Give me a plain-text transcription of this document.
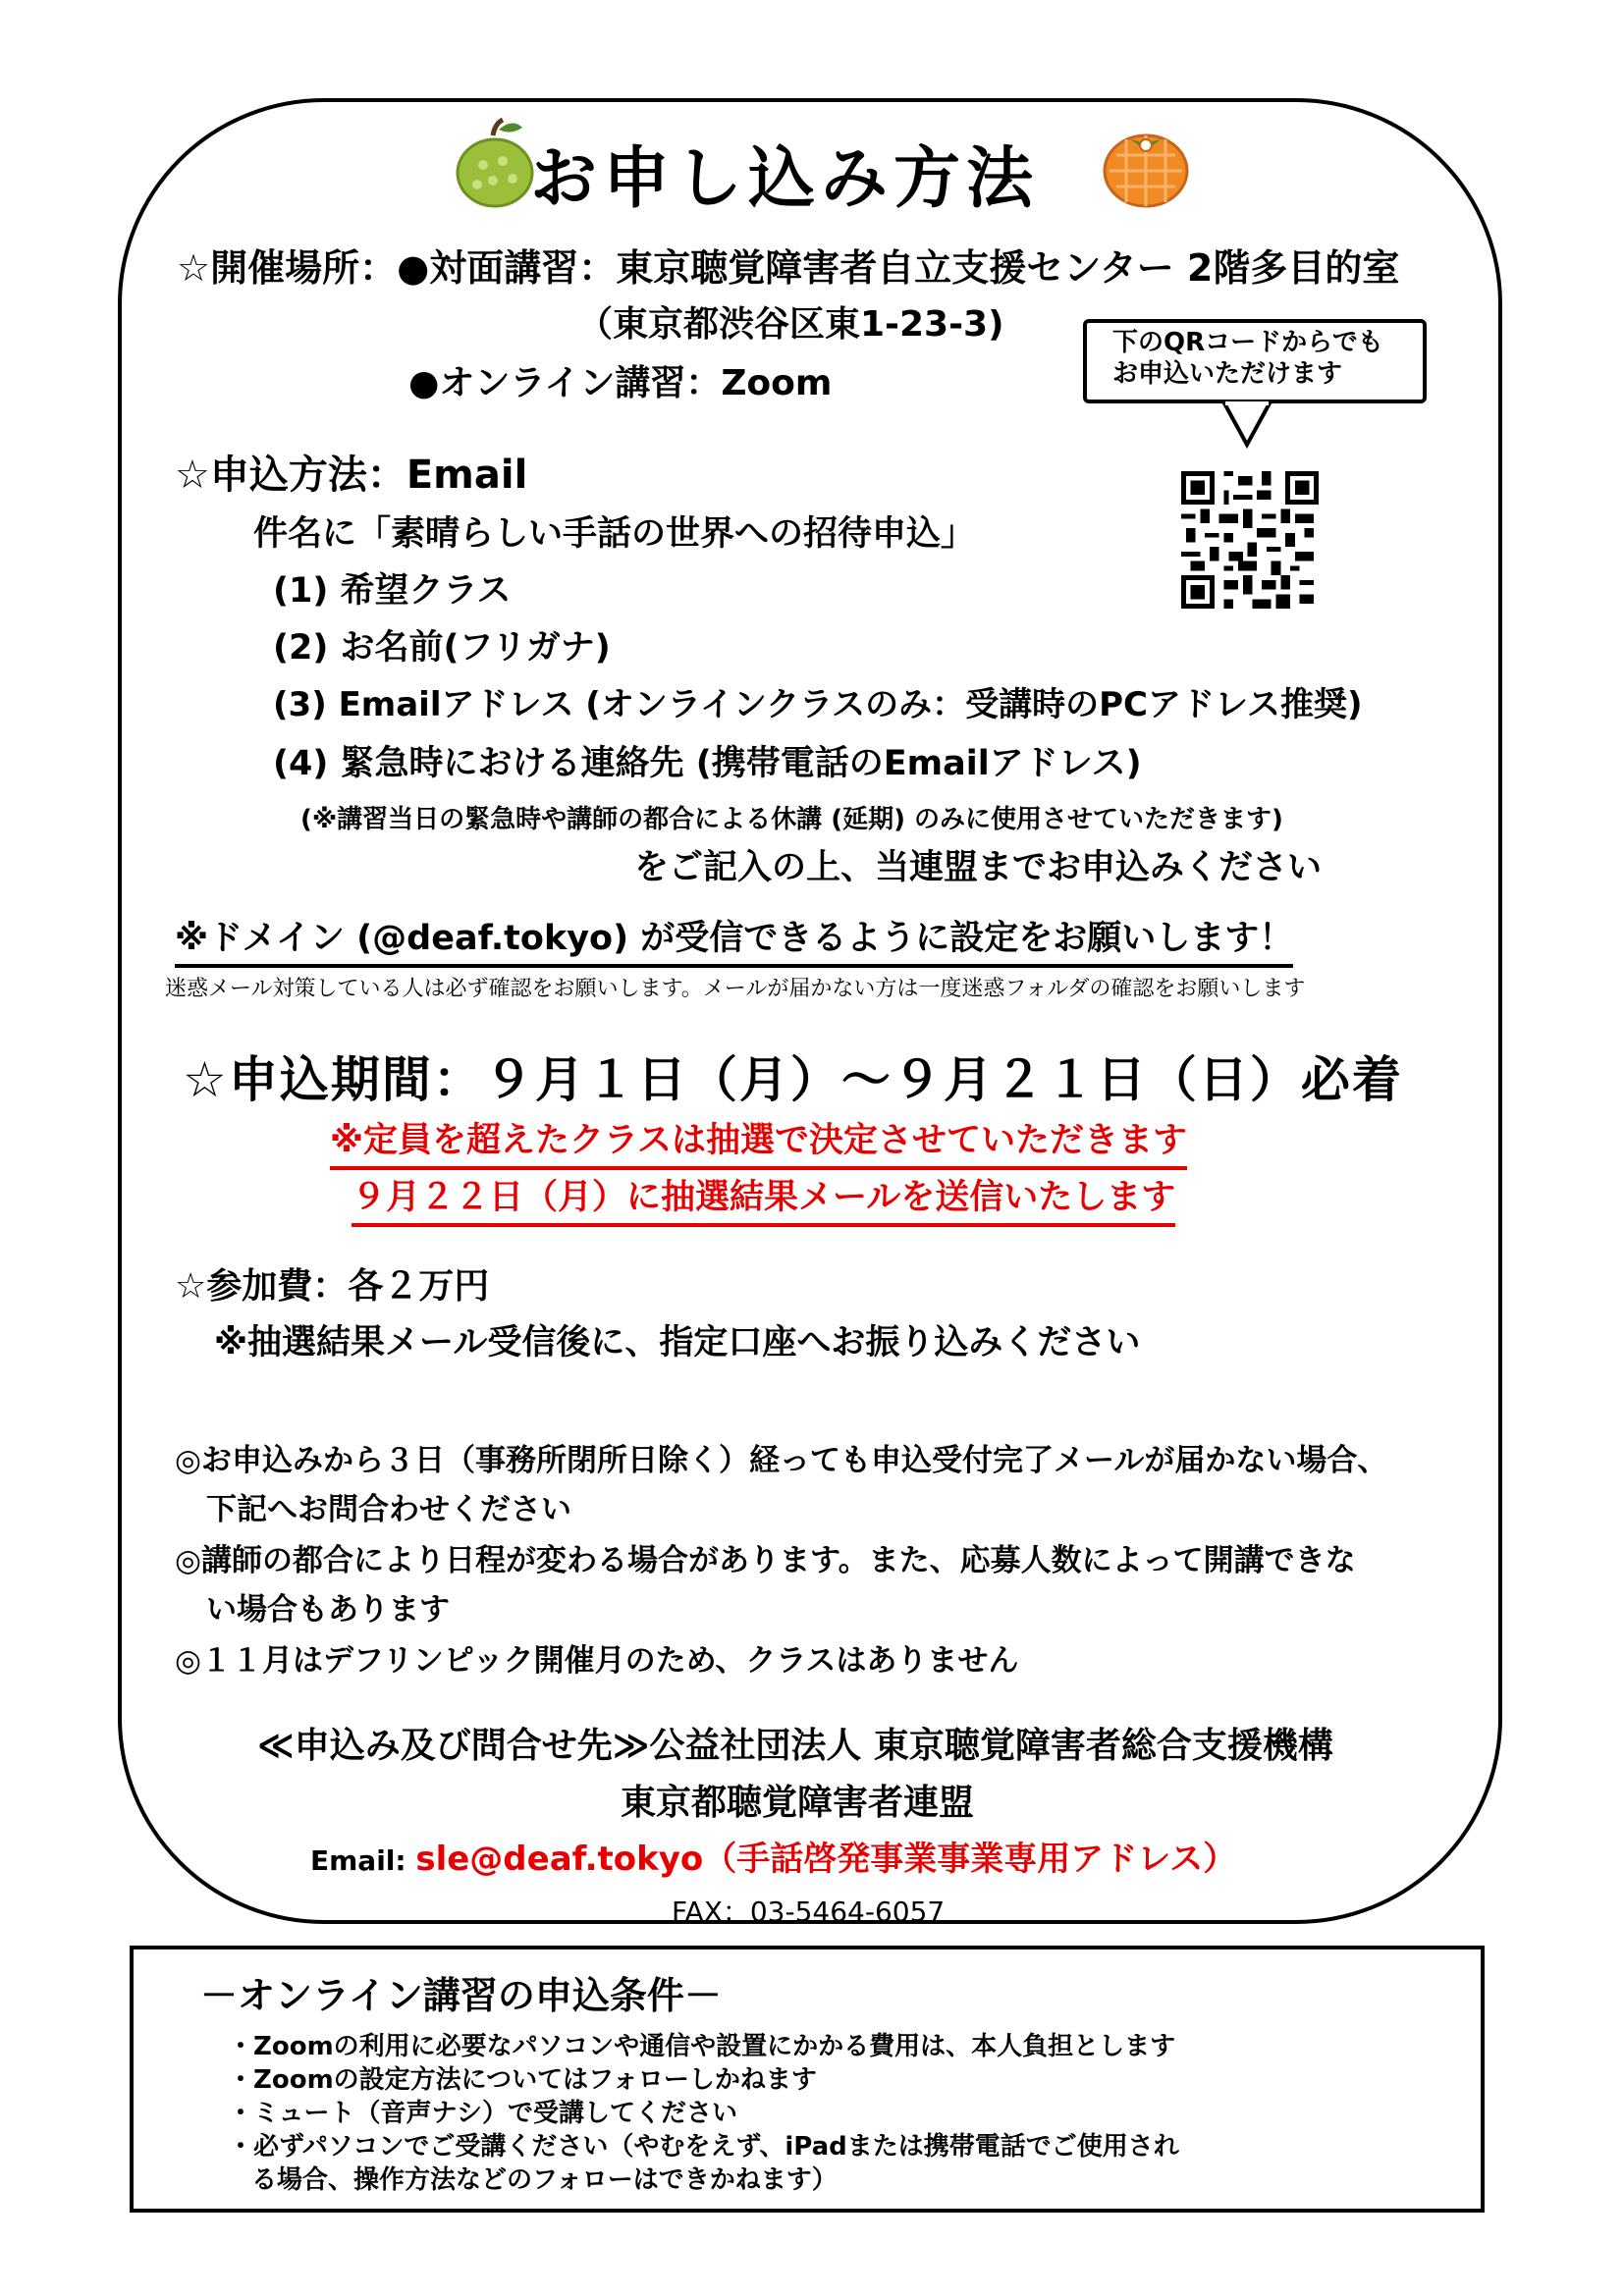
お申し込み方法
☆開催場所：●対面講習：東京聴覚障害者自立支援センター 2階多目的室
（東京都渋谷区東1-23-3)
●オンライン講習：Zoom
下のQRコードからでも
お申込いただけます
☆申込方法：Email
件名に「素晴らしい手話の世界への招待申込」
(1) 希望クラス
(2) お名前(フリガナ)
(3) Emailアドレス (オンラインクラスのみ：受講時のPCアドレス推奨)
(4) 緊急時における連絡先 (携帯電話のEmailアドレス)
(※講習当日の緊急時や講師の都合による休講 (延期) のみに使用させていただきます)
をご記入の上、当連盟までお申込みください
※ドメイン (@deaf.tokyo) が受信できるように設定をお願いします！
迷惑メール対策している人は必ず確認をお願いします。メールが届かない方は一度迷惑フォルダの確認をお願いします
☆申込期間：９月１日（月）～９月２１日（日）必着
※定員を超えたクラスは抽選で決定させていただきます
９月２２日（月）に抽選結果メールを送信いたします
☆参加費：各２万円
※抽選結果メール受信後に、指定口座へお振り込みください
◎お申込みから３日（事務所閉所日除く）経っても申込受付完了メールが届かない場合、
下記へお問合わせください
◎講師の都合により日程が変わる場合があります。また、応募人数によって開講できな
い場合もあります
◎１１月はデフリンピック開催月のため、クラスはありません
≪申込み及び問合せ先≫公益社団法人 東京聴覚障害者総合支援機構
東京都聴覚障害者連盟
Email: sle@deaf.tokyo（手話啓発事業事業専用アドレス）
FAX：03-5464-6057
－オンライン講習の申込条件－
・Zoomの利用に必要なパソコンや通信や設置にかかる費用は、本人負担とします
・Zoomの設定方法についてはフォローしかねます
・ミュート（音声ナシ）で受講してください
・必ずパソコンでご受講ください（やむをえず、iPadまたは携帯電話でご使用され
る場合、操作方法などのフォローはできかねます）
